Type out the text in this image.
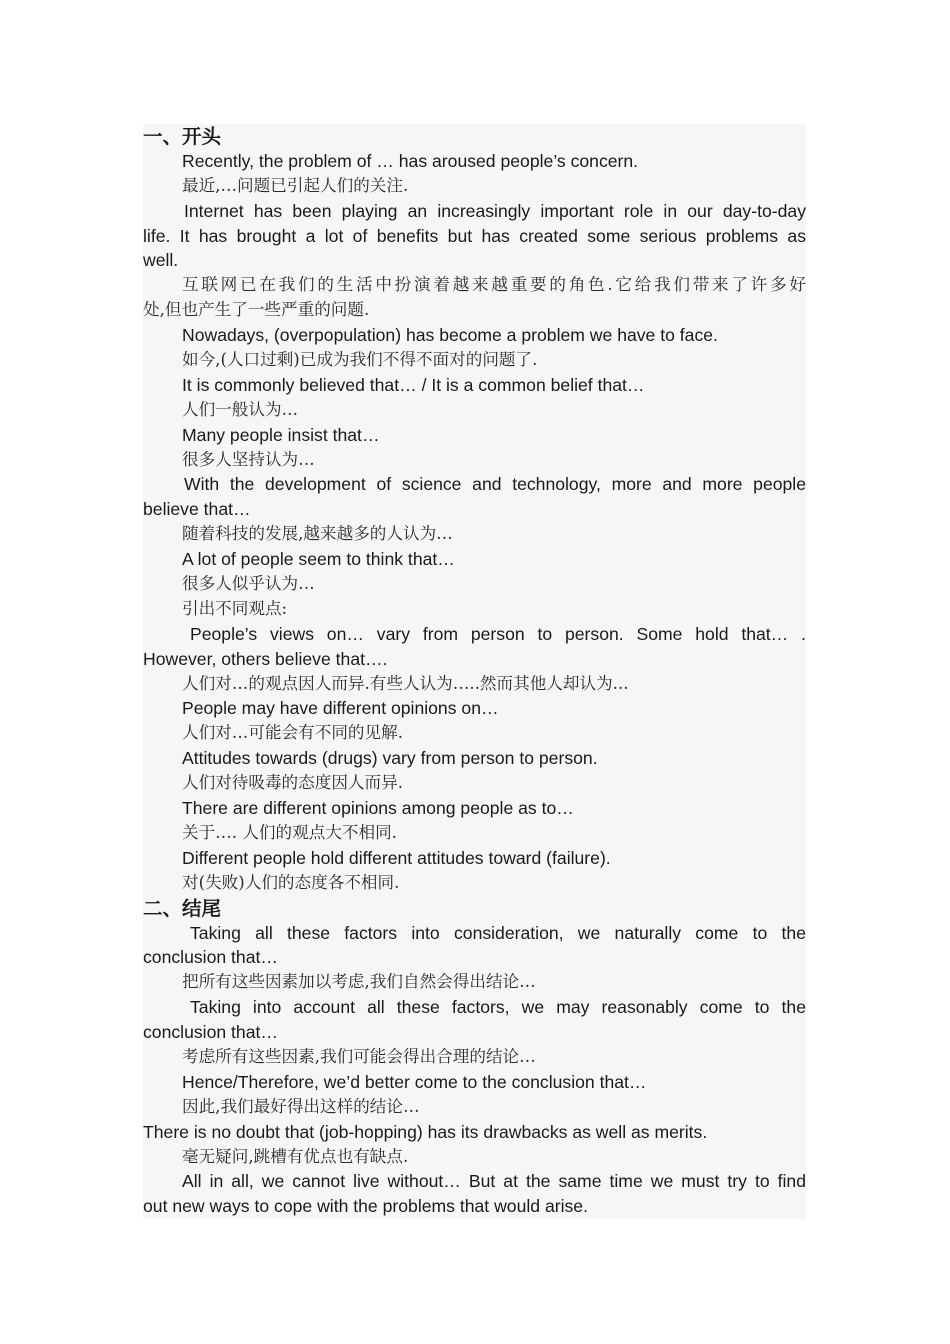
一、开头
Recently, the problem of … has aroused people’s concern.
最近,…问题已引起人们的关注.
Internet has been playing an increasingly important role in our day-to-day
life. It has brought a lot of benefits but has created some serious problems as
well.
互联网已在我们的生活中扮演着越来越重要的角色.它给我们带来了许多好
处,但也产生了一些严重的问题.
Nowadays, (overpopulation) has become a problem we have to face.
如今,(人口过剩)已成为我们不得不面对的问题了.
It is commonly believed that… / It is a common belief that…
人们一般认为…
Many people insist that…
很多人坚持认为…
With the development of science and technology, more and more people
believe that…
随着科技的发展,越来越多的人认为…
A lot of people seem to think that…
很多人似乎认为…
引出不同观点:
People’s views on… vary from person to person. Some hold that… .
However, others believe that….
人们对…的观点因人而异.有些人认为…..然而其他人却认为...
People may have different opinions on…
人们对…可能会有不同的见解.
Attitudes towards (drugs) vary from person to person.
人们对待吸毒的态度因人而异.
There are different opinions among people as to…
关于…. 人们的观点大不相同.
Different people hold different attitudes toward (failure).
对(失败)人们的态度各不相同.
二、结尾
Taking all these factors into consideration, we naturally come to the
conclusion that…
把所有这些因素加以考虑,我们自然会得出结论…
Taking into account all these factors, we may reasonably come to the
conclusion that…
考虑所有这些因素,我们可能会得出合理的结论…
Hence/Therefore, we’d better come to the conclusion that…
因此,我们最好得出这样的结论…
There is no doubt that (job-hopping) has its drawbacks as well as merits.
毫无疑问,跳槽有优点也有缺点.
All in all, we cannot live without… But at the same time we must try to find
out new ways to cope with the problems that would arise.
